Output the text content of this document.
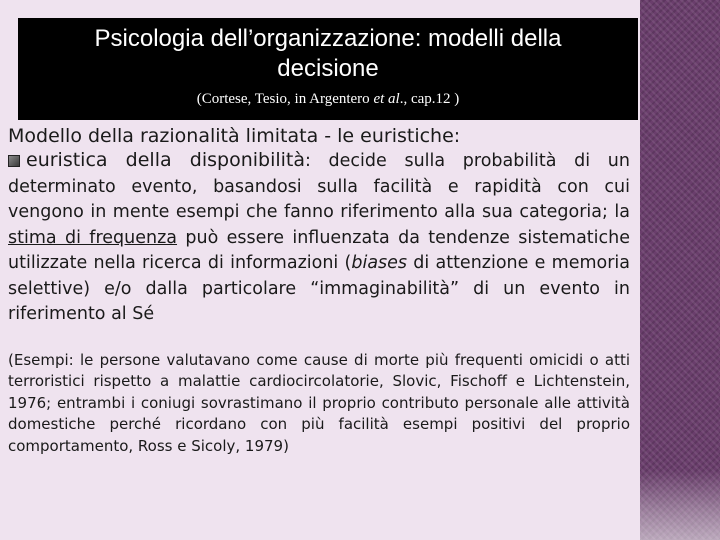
Psicologia dell’organizzazione: modelli della
decisione
(Cortese, Tesio, in Argentero et al., cap.12 )

Modello della razionalità limitata - le euristiche:

euristica della disponibilità: decide sulla probabilità di un determinato evento, basandosi sulla facilità e rapidità con cui vengono in mente esempi che fanno riferimento alla sua categoria; la stima di frequenza può essere influenzata da tendenze sistematiche utilizzate nella ricerca di informazioni (biases di attenzione e memoria selettive) e/o dalla particolare “immaginabilità” di un evento in riferimento al Sé

(Esempi: le persone valutavano come cause di morte più frequenti omicidi o atti terroristici rispetto a malattie cardiocircolatorie, Slovic, Fischoff e Lichtenstein, 1976; entrambi i coniugi sovrastimano il proprio contributo personale alle attività domestiche perché ricordano con più facilità esempi positivi del proprio comportamento, Ross e Sicoly, 1979)
